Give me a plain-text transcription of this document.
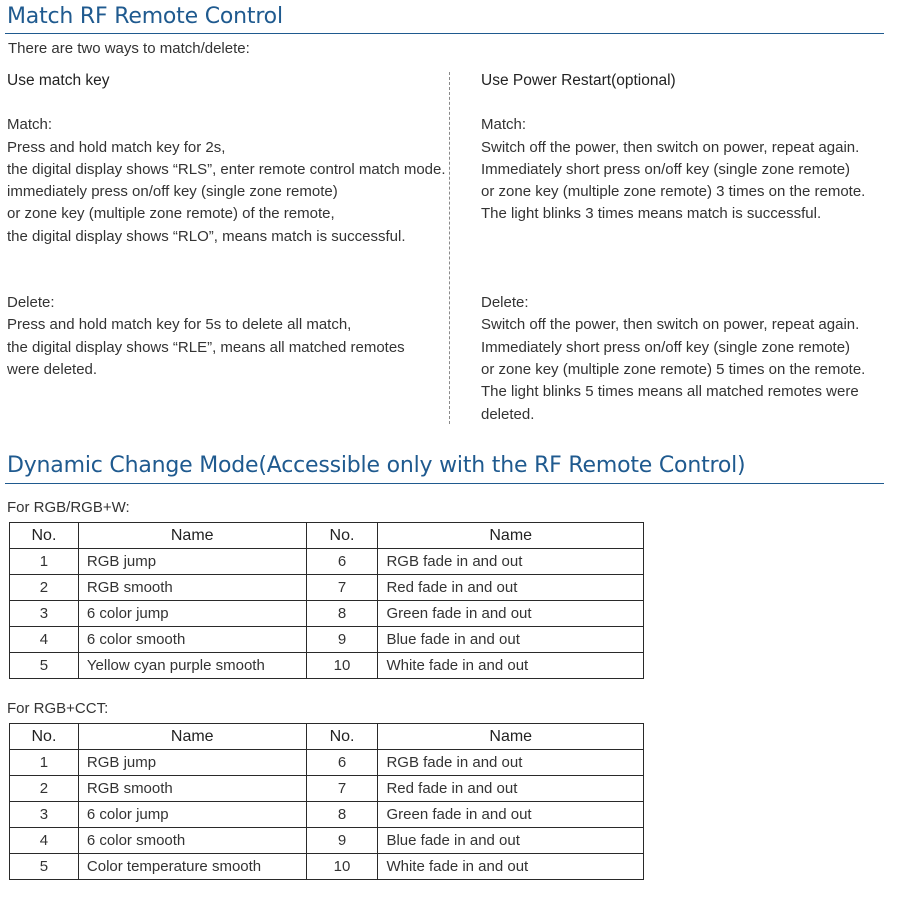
Match RF Remote Control
There are two ways to match/delete:
Use match key
Match:
Press and hold match key for 2s,
the digital display shows “RLS”, enter remote control match mode.
immediately press on/off key (single zone remote)
or zone key (multiple zone remote) of the remote,
the digital display shows “RLO”, means match is successful.
Delete:
Press and hold match key for 5s to delete all match,
the digital display shows “RLE”, means all matched remotes
were deleted.
Use Power Restart(optional)
Match:
Switch off the power, then switch on power, repeat again.
Immediately short press on/off key (single zone remote)
or zone key (multiple zone remote) 3 times on the remote.
The light blinks 3 times means match is successful.
Delete:
Switch off the power, then switch on power, repeat again.
Immediately short press on/off key (single zone remote)
or zone key (multiple zone remote) 5 times on the remote.
The light blinks 5 times means all matched remotes were
deleted.
Dynamic Change Mode(Accessible only with the RF Remote Control)
For RGB/RGB+W:
No.	Name	No.	Name
1	RGB jump	6	RGB fade in and out
2	RGB smooth	7	Red fade in and out
3	6 color jump	8	Green fade in and out
4	6 color smooth	9	Blue fade in and out
5	Yellow cyan purple smooth	10	White fade in and out
For RGB+CCT:
No.	Name	No.	Name
1	RGB jump	6	RGB fade in and out
2	RGB smooth	7	Red fade in and out
3	6 color jump	8	Green fade in and out
4	6 color smooth	9	Blue fade in and out
5	Color temperature smooth	10	White fade in and out
